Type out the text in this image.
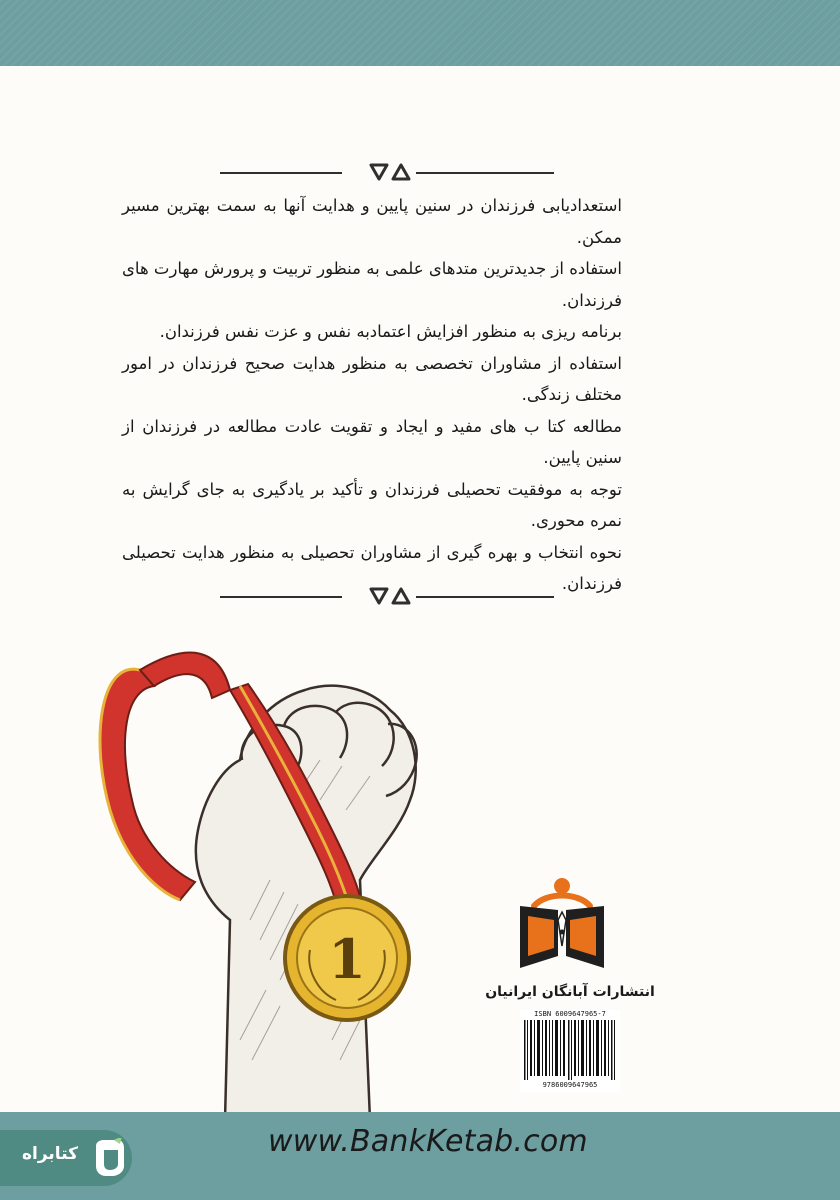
استعدادیابی فرزندان در سنین پایین و هدایت آنها به سمت بهترین مسیر ممکن.

استفاده از جدیدترین متدهای علمی به منظور تربیت و پرورش مهارت های فرزندان.

برنامه ریزی به منظور افزایش اعتمادبه نفس و عزت نفس فرزندان.

استفاده از مشاوران تخصصی به منظور هدایت صحیح فرزندان در امور مختلف زندگی.

مطالعه کتا ب های مفید و ایجاد و تقویت عادت مطالعه در فرزندان از سنین پایین.

توجه به موفقیت تحصیلی فرزندان و تأکید بر یادگیری به جای گرایش به نمره محوری.

نحوه انتخاب و بهره گیری از مشاوران تحصیلی به منظور هدایت تحصیلی فرزندان.

1
انتشارات آبانگان ایرانیان
ISBN 6009647965-7
9786009647965
www.BankKetab.com
کتابراه
